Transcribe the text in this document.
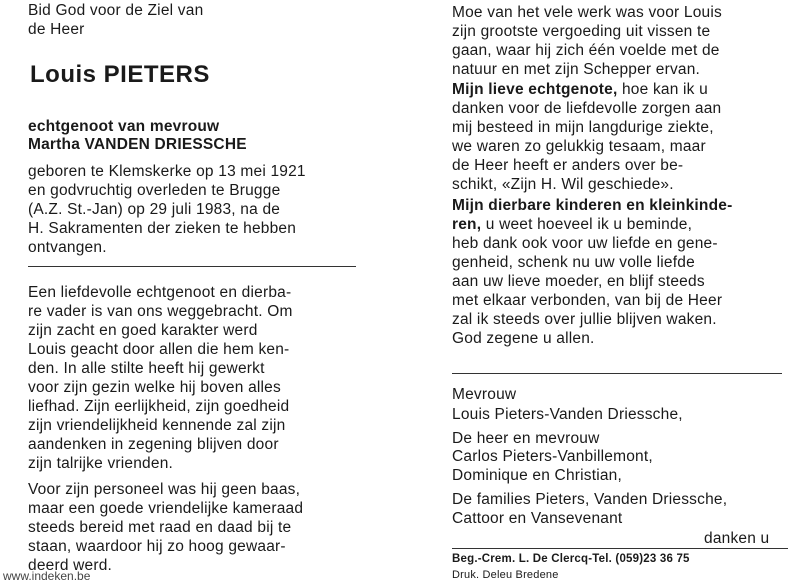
Bid God voor de Ziel van
de Heer
Louis PIETERS
echtgenoot van mevrouw
Martha VANDEN DRIESSCHE
geboren te Klemskerke op 13 mei 1921
en godvruchtig overleden te Brugge
(A.Z. St.-Jan) op 29 juli 1983, na de
H. Sakramenten der zieken te hebben
ontvangen.
Een liefdevolle echtgenoot en dierba-
re vader is van ons weggebracht. Om
zijn zacht en goed karakter werd
Louis geacht door allen die hem ken-
den. In alle stilte heeft hij gewerkt
voor zijn gezin welke hij boven alles
liefhad. Zijn eerlijkheid, zijn goedheid
zijn vriendelijkheid kennende zal zijn
aandenken in zegening blijven door
zijn talrijke vrienden.
Voor zijn personeel was hij geen baas,
maar een goede vriendelijke kameraad
steeds bereid met raad en daad bij te
staan, waardoor hij zo hoog gewaar-
deerd werd.
Moe van het vele werk was voor Louis
zijn grootste vergoeding uit vissen te
gaan, waar hij zich één voelde met de
natuur en met zijn Schepper ervan.
Mijn lieve echtgenote, hoe kan ik u
danken voor de liefdevolle zorgen aan
mij besteed in mijn langdurige ziekte,
we waren zo gelukkig tesaam, maar
de Heer heeft er anders over be-
schikt, «Zijn H. Wil geschiede».
Mijn dierbare kinderen en kleinkinde-
ren, u weet hoeveel ik u beminde,
heb dank ook voor uw liefde en gene-
genheid, schenk nu uw volle liefde
aan uw lieve moeder, en blijf steeds
met elkaar verbonden, van bij de Heer
zal ik steeds over jullie blijven waken.
God zegene u allen.
Mevrouw
Louis Pieters-Vanden Driessche,
De heer en mevrouw
Carlos Pieters-Vanbillemont,
Dominique en Christian,
De families Pieters, Vanden Driessche,
Cattoor en Vansevenant
danken u
Beg.-Crem. L. De Clercq-Tel. (059)23 36 75
Druk. Deleu Bredene
www.indeken.be
